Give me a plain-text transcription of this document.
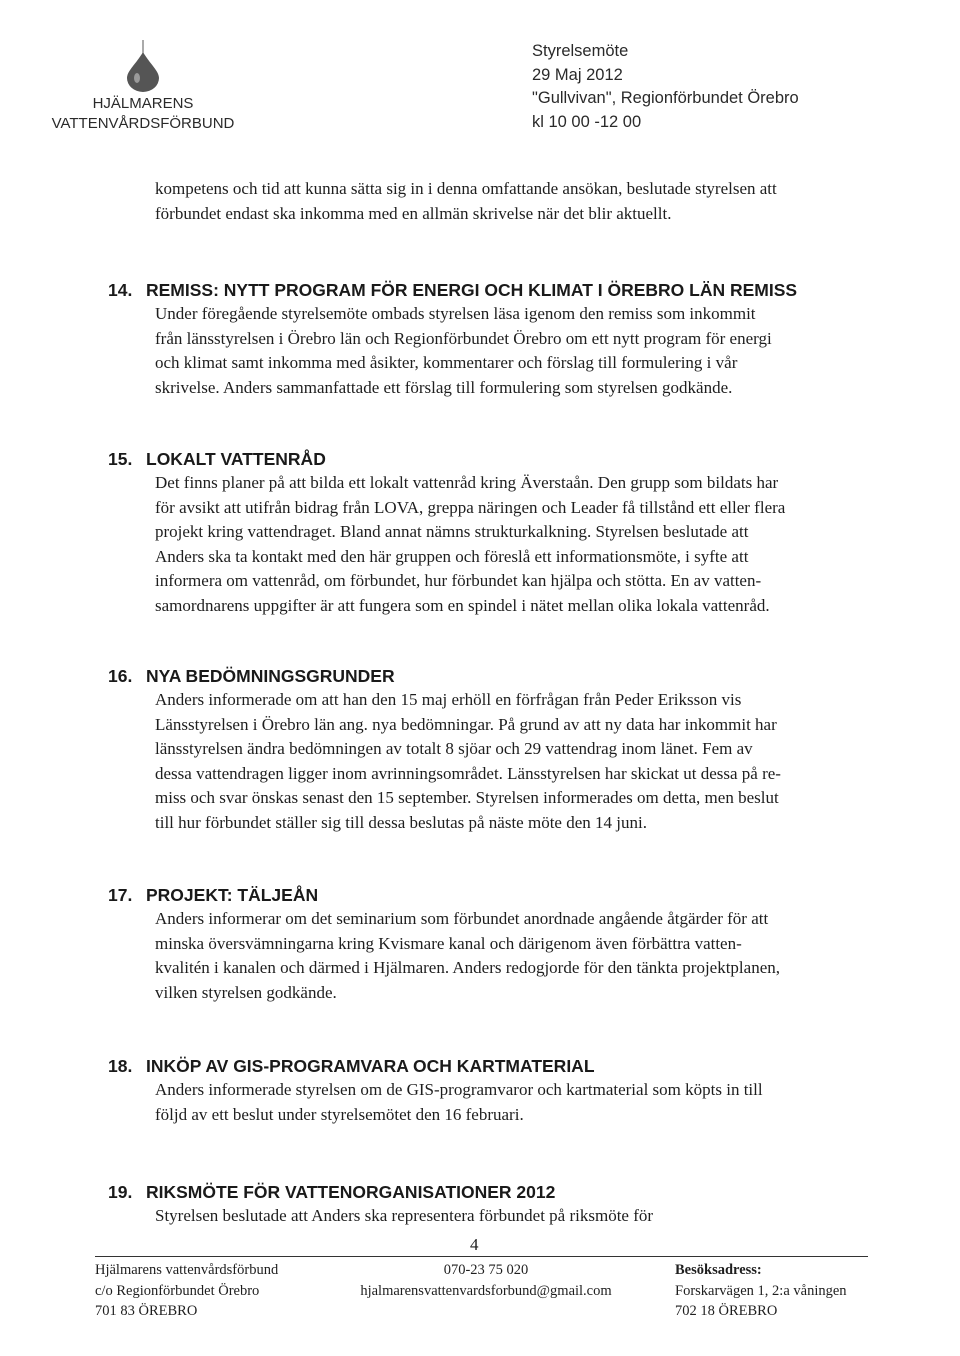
HJÄLMARENS
VATTENVÅRDSFÖRBUND
Styrelsemöte
29 Maj 2012
"Gullvivan", Regionförbundet Örebro
kl 10 00 -12 00

kompetens och tid att kunna sätta sig in i denna omfattande ansökan, beslutade styrelsen att

förbundet endast ska inkomma med en allmän skrivelse när det blir aktuellt.

14. REMISS: NYTT PROGRAM FÖR ENERGI OCH KLIMAT I ÖREBRO LÄN REMISS

Under föregående styrelsemöte ombads styrelsen läsa igenom den remiss som inkommit

från länsstyrelsen i Örebro län och Regionförbundet Örebro om ett nytt program för energi

och klimat samt inkomma med åsikter, kommentarer och förslag till formulering i vår

skrivelse. Anders sammanfattade ett förslag till formulering som styrelsen godkände.

15. LOKALT VATTENRÅD

Det finns planer på att bilda ett lokalt vattenråd kring Äverstaån. Den grupp som bildats har

för avsikt att utifrån bidrag från LOVA, greppa näringen och Leader få tillstånd ett eller flera

projekt kring vattendraget. Bland annat nämns strukturkalkning. Styrelsen beslutade att

Anders ska ta kontakt med den här gruppen och föreslå ett informationsmöte, i syfte att

informera om vattenråd, om förbundet, hur förbundet kan hjälpa och stötta. En av vatten-

samordnarens uppgifter är att fungera som en spindel i nätet mellan olika lokala vattenråd.

16. NYA BEDÖMNINGSGRUNDER

Anders informerade om att han den 15 maj erhöll en förfrågan från Peder Eriksson vis

Länsstyrelsen i Örebro län ang. nya bedömningar. På grund av att ny data har inkommit har

länsstyrelsen ändra bedömningen av totalt 8 sjöar och 29 vattendrag inom länet. Fem av

dessa vattendragen ligger inom avrinningsområdet. Länsstyrelsen har skickat ut dessa på re-

miss och svar önskas senast den 15 september. Styrelsen informerades om detta, men beslut

till hur förbundet ställer sig till dessa beslutas på näste möte den 14 juni.

17. PROJEKT: TÄLJEÅN

Anders informerar om det seminarium som förbundet anordnade angående åtgärder för att

minska översvämningarna kring Kvismare kanal och därigenom även förbättra vatten-

kvalitén i kanalen och därmed i Hjälmaren. Anders redogjorde för den tänkta projektplanen,

vilken styrelsen godkände.

18. INKÖP AV GIS-PROGRAMVARA OCH KARTMATERIAL

Anders informerade styrelsen om de GIS-programvaror och kartmaterial som köpts in till

följd av ett beslut under styrelsemötet den 16 februari.

19. RIKSMÖTE FÖR VATTENORGANISATIONER 2012

Styrelsen beslutade att Anders ska representera förbundet på riksmöte för

4
Hjälmarens vattenvårdsförbund
c/o Regionförbundet Örebro
701 83 ÖREBRO
070-23 75 020
hjalmarensvattenvardsforbund@gmail.com
Besöksadress:
Forskarvägen 1, 2:a våningen
702 18 ÖREBRO
